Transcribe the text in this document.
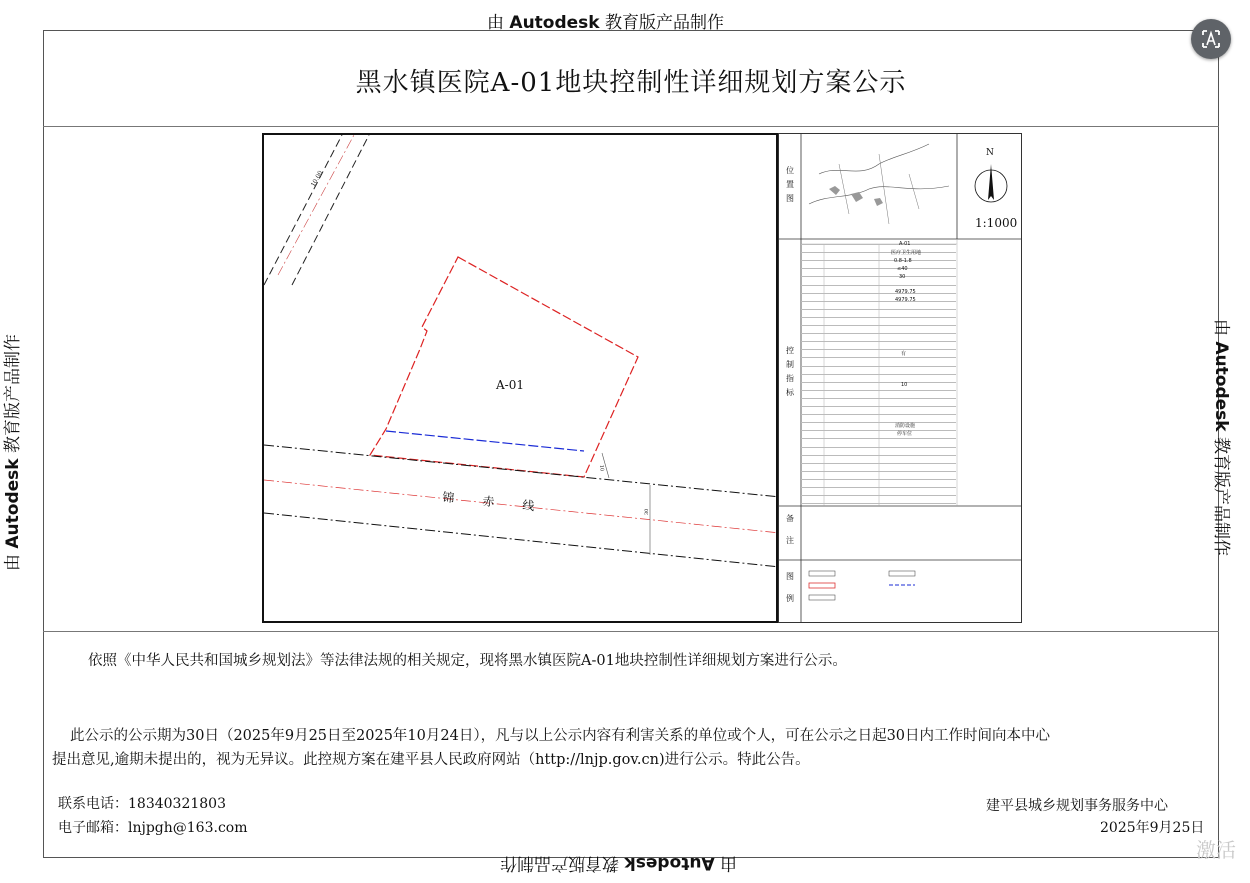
由 Autodesk 教育版产品制作
由 Autodesk 教育版产品制作
由 Autodesk 教育版产品制作
由 Autodesk 教育版产品制作
黑水镇医院A-01地块控制性详细规划方案公示
10.00
A-01
10
30
锦 赤 线
位
置
图
控
制
指
标
备
注
图
例
N
1:1000
A-01
医疗卫生用地
0.8-1.8
≤40
30
4979.75
4979.75
有
10
消防设施
停车位
依照《中华人民共和国城乡规划法》等法律法规的相关规定，现将黑水镇医院A-01地块控制性详细规划方案进行公示。
此公示的公示期为30日（2025年9月25日至2025年10月24日），凡与以上公示内容有利害关系的单位或个人，可在公示之日起30日内工作时间向本中心
提出意见,逾期未提出的，视为无异议。此控规方案在建平县人民政府网站（http://lnjp.gov.cn)进行公示。特此公告。
联系电话：18340321803
电子邮箱：lnjpgh@163.com
建平县城乡规划事务服务中心
2025年9月25日
激活
